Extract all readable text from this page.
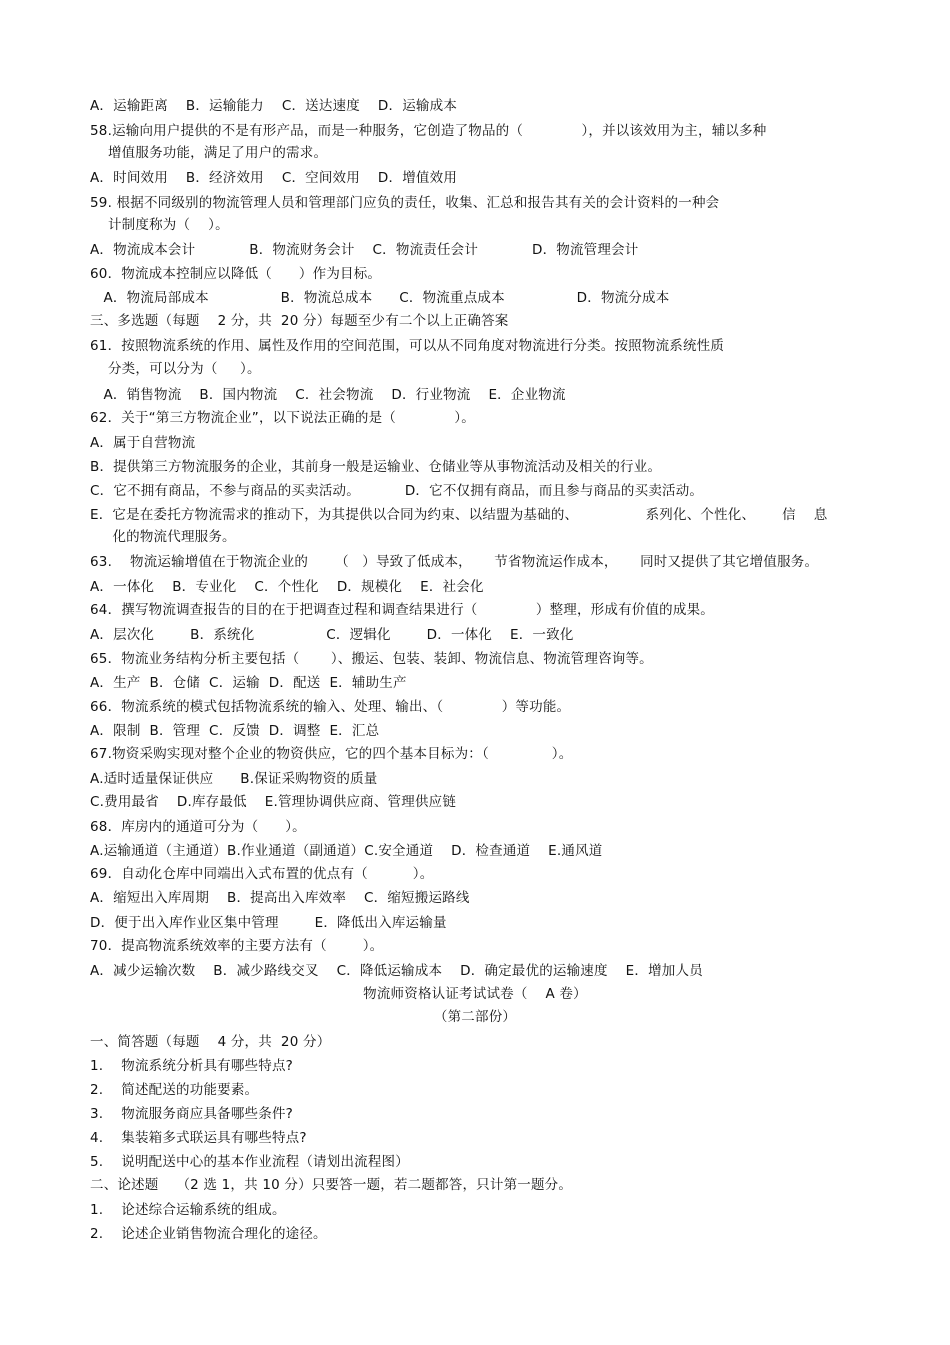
A．运输距离    B．运输能力    C．送达速度    D．运输成本
58.运输向用户提供的不是有形产品，而是一种服务，它创造了物品的（             ），并以该效用为主，辅以多种
增值服务功能，满足了用户的需求。
A．时间效用    B．经济效用    C．空间效用    D．增值效用
59. 根据不同级别的物流管理人员和管理部门应负的责任，收集、汇总和报告其有关的会计资料的一种会
计制度称为（    ）。
A．物流成本会计            B．物流财务会计    C．物流责任会计            D．物流管理会计
60．物流成本控制应以降低（      ）作为目标。
A．物流局部成本                B．物流总成本      C．物流重点成本                D．物流分成本
三、多选题（每题    2 分，共  20 分）每题至少有二个以上正确答案
61．按照物流系统的作用、属性及作用的空间范围，可以从不同角度对物流进行分类。按照物流系统性质
分类，可以分为（     ）。
A．销售物流    B．国内物流    C．社会物流    D．行业物流    E．企业物流
62．关于“第三方物流企业”，以下说法正确的是（             ）。
A．属于自营物流
B．提供第三方物流服务的企业，其前身一般是运输业、仓储业等从事物流活动及相关的行业。
C．它不拥有商品，不参与商品的买卖活动。          D．它不仅拥有商品，而且参与商品的买卖活动。
E．它是在委托方物流需求的推动下，为其提供以合同为约束、以结盟为基础的、               系列化、个性化、      信    息
化的物流代理服务。
63.    物流运输增值在于物流企业的      （   ）导致了低成本，     节省物流运作成本，     同时又提供了其它增值服务。
A．一体化    B．专业化    C．个性化    D．规模化    E．社会化
64．撰写物流调查报告的目的在于把调查过程和调查结果进行（             ）整理，形成有价值的成果。
A．层次化        B．系统化                C．逻辑化        D．一体化    E．一致化
65．物流业务结构分析主要包括（       ）、搬运、包装、装卸、物流信息、物流管理咨询等。
A．生产  B．仓储  C．运输  D．配送  E．辅助生产
66．物流系统的模式包括物流系统的输入、处理、输出、（             ）等功能。
A．限制  B．管理  C．反馈  D．调整  E．汇总
67.物资采购实现对整个企业的物资供应，它的四个基本目标为：（              ）。
A.适时适量保证供应      B.保证采购物资的质量
C.费用最省    D.库存最低    E.管理协调供应商、管理供应链
68．库房内的通道可分为（      ）。
A.运输通道（主通道）B.作业通道（副通道）C.安全通道    D．检查通道    E.通风道
69．自动化仓库中同端出入式布置的优点有（          ）。
A．缩短出入库周期    B．提高出入库效率    C．缩短搬运路线
D．便于出入库作业区集中管理        E．降低出入库运输量
70．提高物流系统效率的主要方法有（        ）。
A．减少运输次数    B．减少路线交叉    C．降低运输成本    D．确定最优的运输速度    E．增加人员
物流师资格认证考试试卷（    A 卷）
（第二部份）
一、简答题（每题    4 分，共  20 分）
1.    物流系统分析具有哪些特点?
2.    简述配送的功能要素。
3.    物流服务商应具备哪些条件?
4.    集装箱多式联运具有哪些特点?
5.    说明配送中心的基本作业流程（请划出流程图）
二、论述题    （2 选 1，共 10 分）只要答一题，若二题都答，只计第一题分。
1.    论述综合运输系统的组成。
2.    论述企业销售物流合理化的途径。
